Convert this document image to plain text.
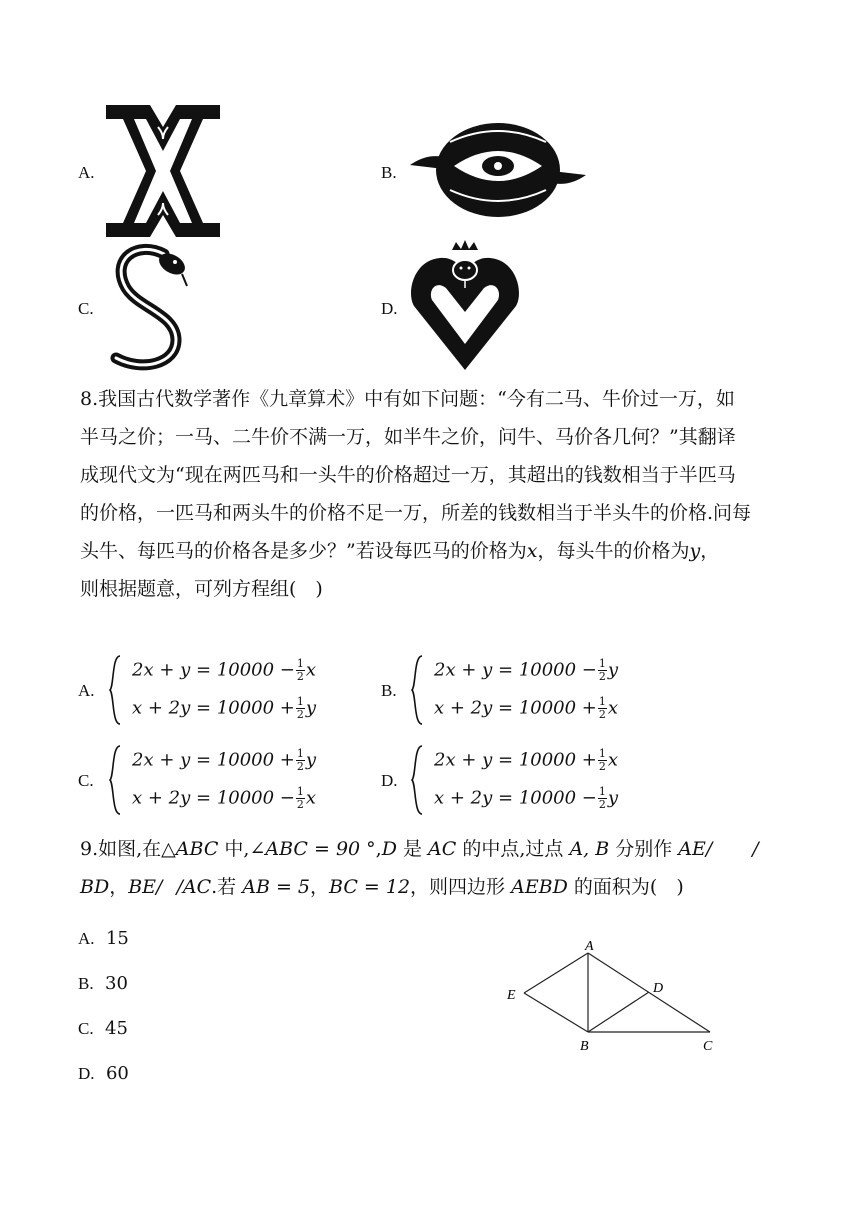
A.	B.
C.	D.
8.我国古代数学著作《九章算术》中有如下问题：“今有二马、牛价过一万，如
半马之价；一马、二牛价不满一万，如半牛之价，问牛、马价各几何？”其翻译
成现代文为“现在两匹马和一头牛的价格超过一万，其超出的钱数相当于半匹马
的价格，一匹马和两头牛的价格不足一万，所差的钱数相当于半头牛的价格.问每
头牛、每匹马的价格各是多少？”若设每匹马的价格为x，每头牛的价格为y，
则根据题意，可列方程组(　)
A.
$2x + y = 10000 - \frac{1}{2}$ x
$x + 2y = 10000 + \frac{1}{2}$ y
B.
$2x + y = 10000 - \frac{1}{2}$ y
$x + 2y = 10000 + \frac{1}{2}$ x
C.
$2x + y = 10000 + \frac{1}{2}$ y
$x + 2y = 10000 - \frac{1}{2}$ x
D.
$2x + y = 10000 + \frac{1}{2}$ x
$x + 2y = 10000 - \frac{1}{2}$ y
9.如图,在△ABC 中,∠ABC = 90 °,D 是 AC 的中点,过点 A, B 分别作 AE/ /
BD，BE/ /AC.若 AB = 5，BC = 12，则四边形 AEBD 的面积为(　)
A. 15
B. 30
C. 45
D. 60
A
B	C
D
E
